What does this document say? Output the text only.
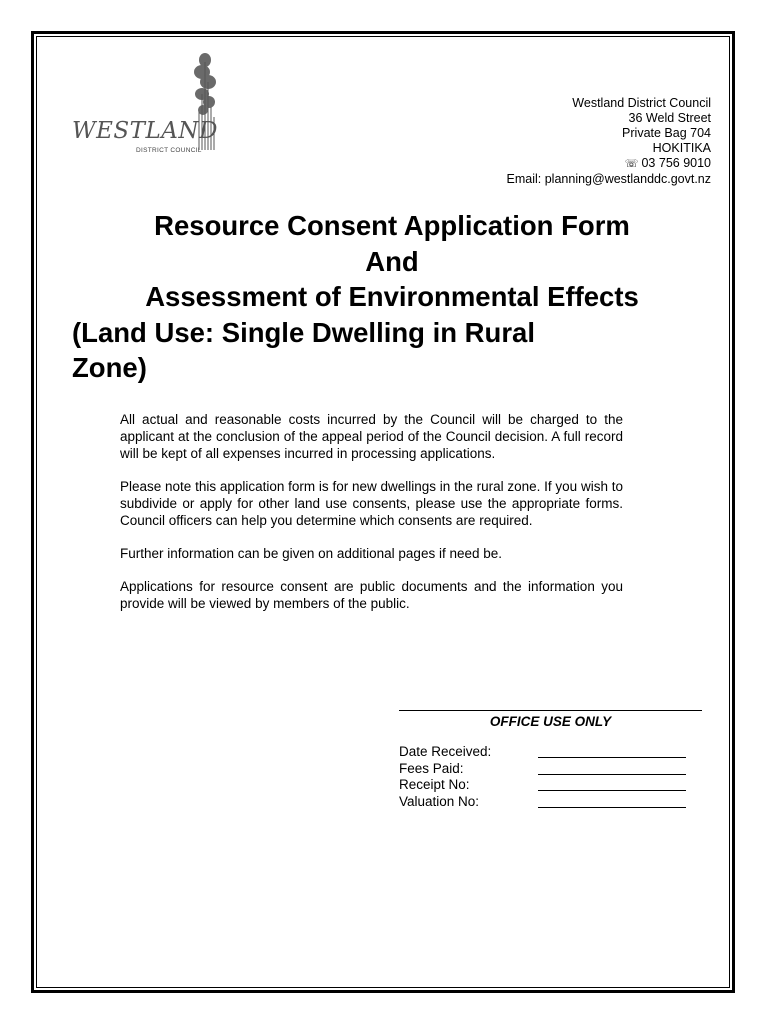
WESTLAND
DISTRICT COUNCIL
Westland District Council
36 Weld Street
Private Bag 704
HOKITIKA
☏ 03 756 9010
Email: planning@westlanddc.govt.nz
Resource Consent Application Form
And
Assessment of Environmental Effects
(Land Use: Single Dwelling in Rural
Zone)

All actual and reasonable costs incurred by the Council will be charged to the applicant at the conclusion of the appeal period of the Council decision. A full record will be kept of all expenses incurred in processing applications.

Please note this application form is for new dwellings in the rural zone. If you wish to subdivide or apply for other land use consents, please use the appropriate forms. Council officers can help you determine which consents are required.

Further information can be given on additional pages if need be.

Applications for resource consent are public documents and the information you provide will be viewed by members of the public.

OFFICE USE ONLY
Date Received:
Fees Paid:
Receipt No:
Valuation No:
